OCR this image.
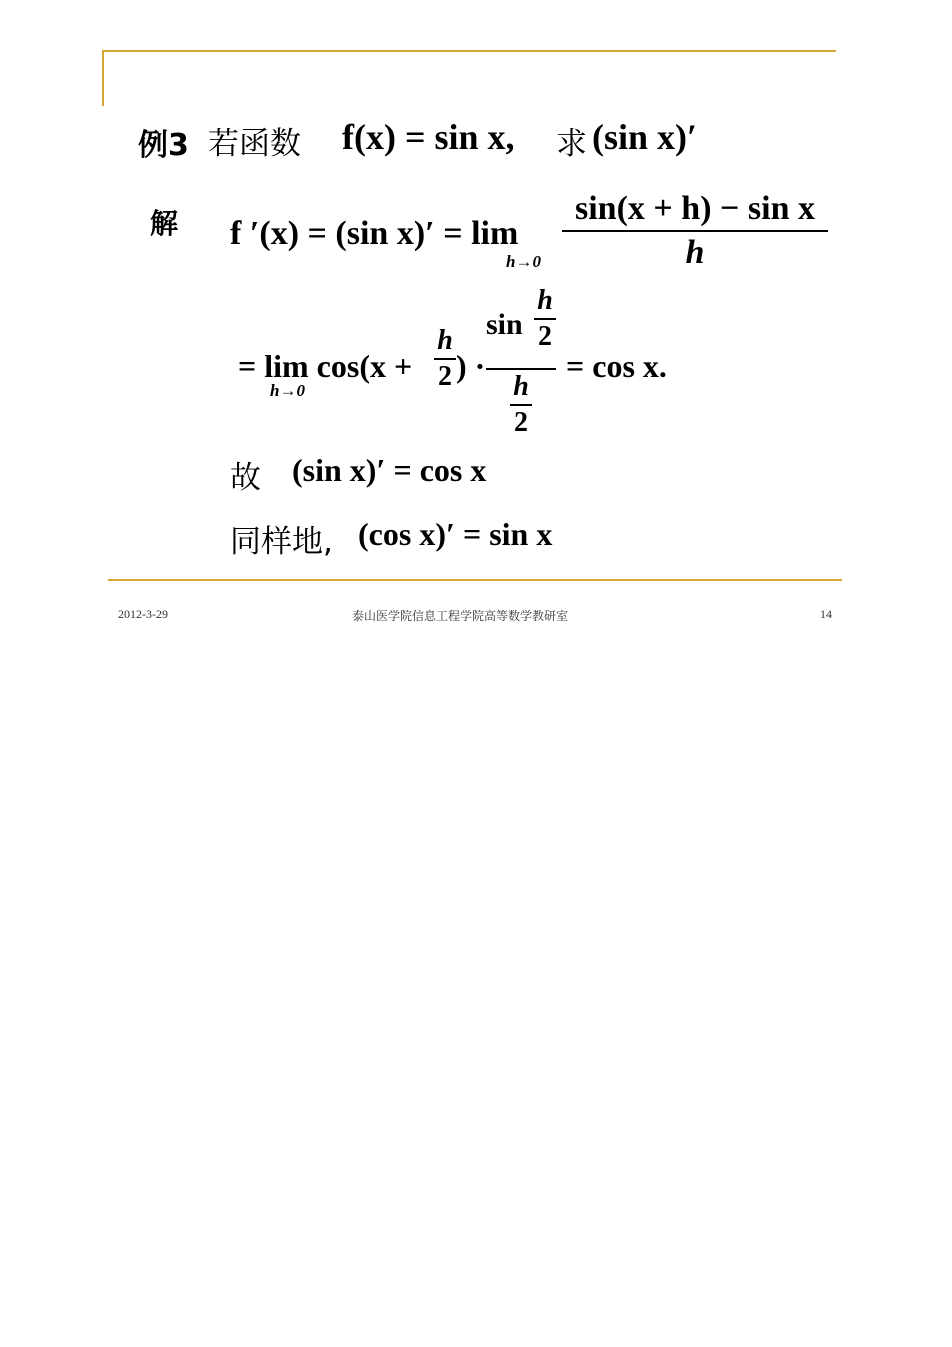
例3 若函数 f(x) = sin x, 求 (sin x)′
解 f ′(x) = (sin x)′ = lim
h→0
sin(x + h) − sin x
h
= lim cos(x +
h→0
h
2 ) ·
sin
h
2
h
2
= cos x.
故 (sin x)′ = cos x
同样地, (cos x)′ = sin x
2012-3-29	泰山医学院信息工程学院高等数学教研室	14
